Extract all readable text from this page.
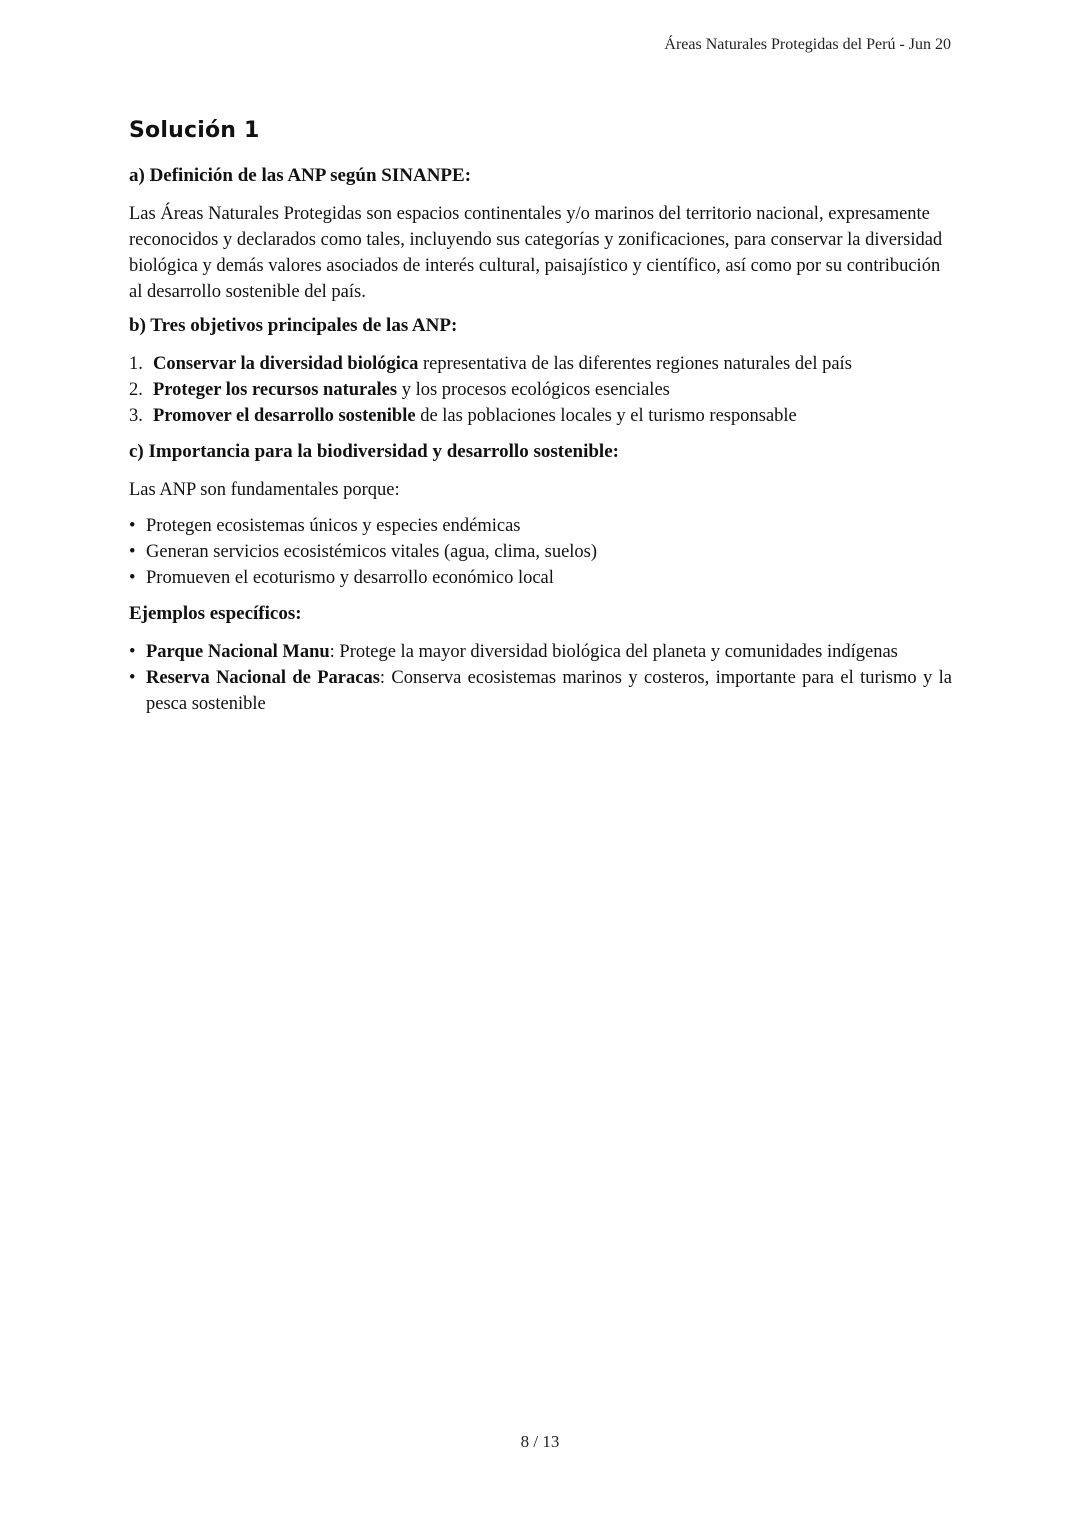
Áreas Naturales Protegidas del Perú - Jun 20
Solución 1
a) Definición de las ANP según SINANPE:

Las Áreas Naturales Protegidas son espacios continentales y/o marinos del territorio nacional, expresamente reconocidos y declarados como tales, incluyendo sus categorías y zonificaciones, para conservar la diversidad biológica y demás valores asociados de interés cultural, paisajístico y científico, así como por su contribución al desarrollo sostenible del país.

b) Tres objetivos principales de las ANP:
1. Conservar la diversidad biológica representativa de las diferentes regiones naturales del país
2. Proteger los recursos naturales y los procesos ecológicos esenciales
3. Promover el desarrollo sostenible de las poblaciones locales y el turismo responsable
c) Importancia para la biodiversidad y desarrollo sostenible:

Las ANP son fundamentales porque:

• Protegen ecosistemas únicos y especies endémicas
• Generan servicios ecosistémicos vitales (agua, clima, suelos)
• Promueven el ecoturismo y desarrollo económico local
Ejemplos específicos:
• Parque Nacional Manu: Protege la mayor diversidad biológica del planeta y comunidades indígenas
• Reserva Nacional de Paracas: Conserva ecosistemas marinos y costeros, importante para el turismo y la pesca sostenible
8 / 13
